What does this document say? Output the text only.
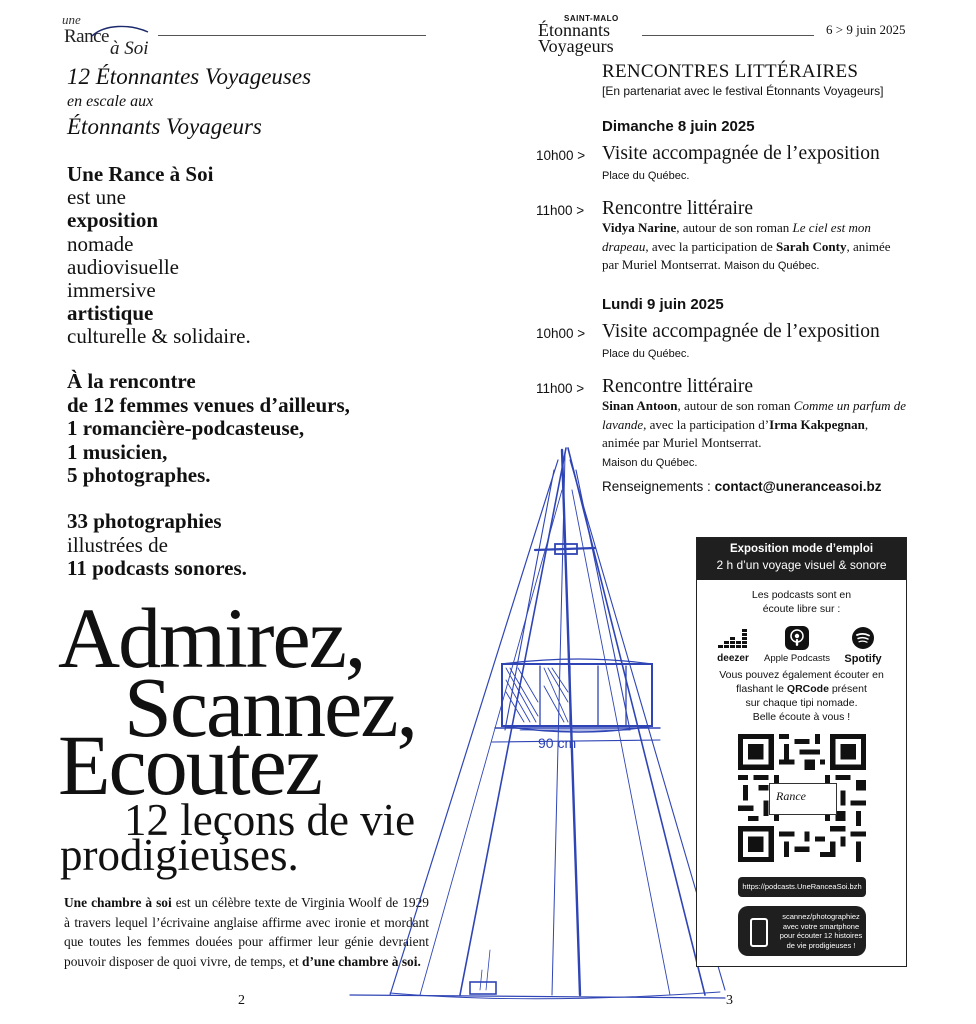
une
Rance
à Soi
12 Étonnantes Voyageuses
en escale aux
Étonnants Voyageurs
Une Rance à Soi
est une
exposition
nomade
audiovisuelle
immersive
artistique
culturelle & solidaire.
À la rencontre
de 12 femmes venues d’ailleurs,
1 romancière-podcasteuse,
1 musicien,
5 photographes.
33 photographies
illustrées de
11 podcasts sonores.
Admirez,
Scannez,
Ecoutez
12 leçons de vie
prodigieuses.
Une chambre à soi est un célèbre texte de Virginia Woolf de 1929 à travers lequel l’écrivaine anglaise affirme avec ironie et mordant que toutes les femmes douées pour affirmer leur génie devraient pouvoir disposer de quoi vivre, de temps, et d’une chambre à soi.
2
90 cm
SAINT-MALO
Étonnants
Voyageurs
6 > 9 juin 2025
RENCONTRES LITTÉRAIRES
[En partenariat avec le festival Étonnants Voyageurs]
Dimanche 8 juin 2025
10h00 > Visite accompagnée de l’exposition
Place du Québec.
11h00 > Rencontre littéraire
Vidya Narine, autour de son roman Le ciel est mon drapeau, avec la participation de Sarah Conty, animée par Muriel Montserrat. Maison du Québec.
Lundi 9 juin 2025
10h00 > Visite accompagnée de l’exposition
Place du Québec.
11h00 > Rencontre littéraire
Sinan Antoon, autour de son roman Comme un parfum de lavande, avec la participation d’Irma Kakpegnan, animée par Muriel Montserrat.
Maison du Québec.
Renseignements : contact@uneranceasoi.bz
Exposition mode d’emploi
2 h d’un voyage visuel & sonore
Les podcasts sont en
écoute libre sur :
deezer	Apple Podcasts	Spotify
Vous pouvez également écouter en
flashant le QRCode présent
sur chaque tipi nomade.
Belle écoute à vous !
Rance
https://podcasts.UneRanceaSoi.bzh
scannez/photographiez avec votre smartphone pour écouter 12 histoires de vie prodigieuses !
3
